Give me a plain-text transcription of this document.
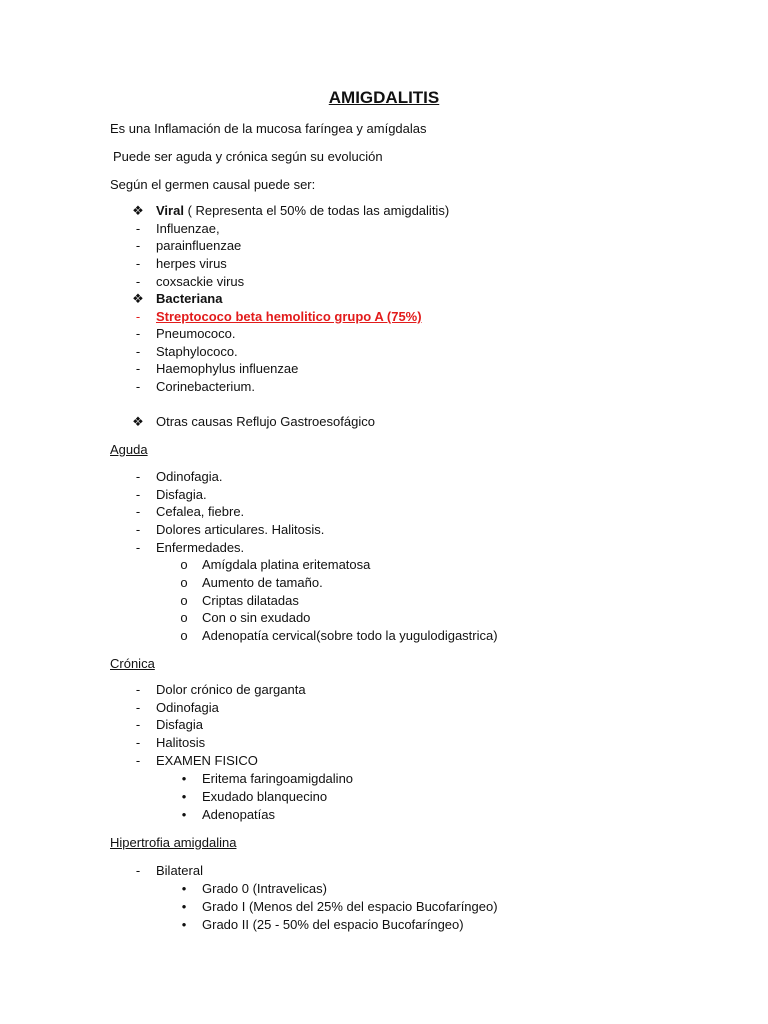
AMIGDALITIS
Es una Inflamación de la mucosa faríngea y amígdalas
Puede ser aguda y crónica según su evolución
Según el germen causal puede ser:
❖ Viral ( Representa el 50% de todas las amigdalitis)
-	Influenzae,
-	parainfluenzae
-	herpes virus
-	coxsackie virus
❖ Bacteriana
-	Streptococo beta hemolitico grupo A (75%)
-	Pneumococo.
-	Staphylococo.
-	Haemophylus influenzae
-	Corinebacterium.
❖ Otras causas Reflujo Gastroesofágico
Aguda
-	Odinofagia.
-	Disfagia.
-	Cefalea, fiebre.
-	Dolores articulares. Halitosis.
-	Enfermedades.
o Amígdala platina eritematosa
o Aumento de tamaño.
o Criptas dilatadas
o Con o sin exudado
o Adenopatía cervical(sobre todo la yugulodigastrica)
Crónica
-	Dolor crónico de garganta
-	Odinofagia
-	Disfagia
-	Halitosis
-	EXAMEN FISICO
•	Eritema faringoamigdalino
•	Exudado blanquecino
•	Adenopatías
Hipertrofia amigdalina
-	Bilateral
•	Grado 0 (Intravelicas)
•	Grado I (Menos del 25% del espacio Bucofaríngeo)
•	Grado II (25 - 50% del espacio Bucofaríngeo)
